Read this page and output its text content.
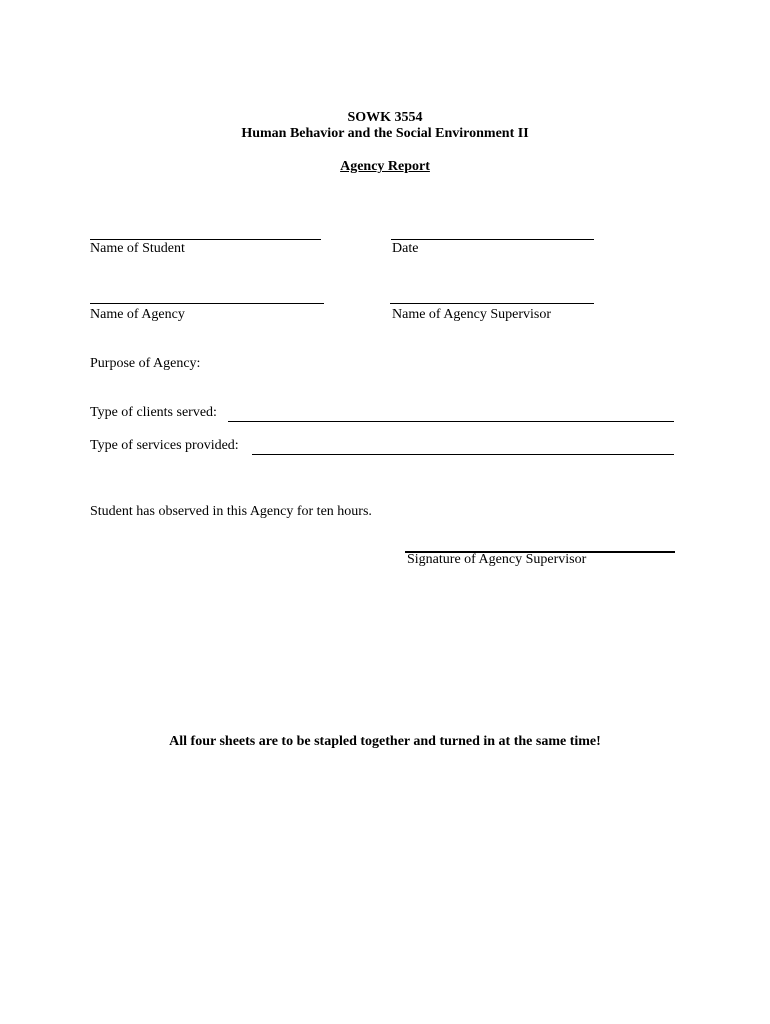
SOWK 3554
Human Behavior and the Social Environment II
Agency Report
Name of Student	Date
Name of Agency	Name of Agency Supervisor
Purpose of Agency:
Type of clients served:
Type of services provided:
Student has observed in this Agency for ten hours.
Signature of Agency Supervisor
All four sheets are to be stapled together and turned in at the same time!
